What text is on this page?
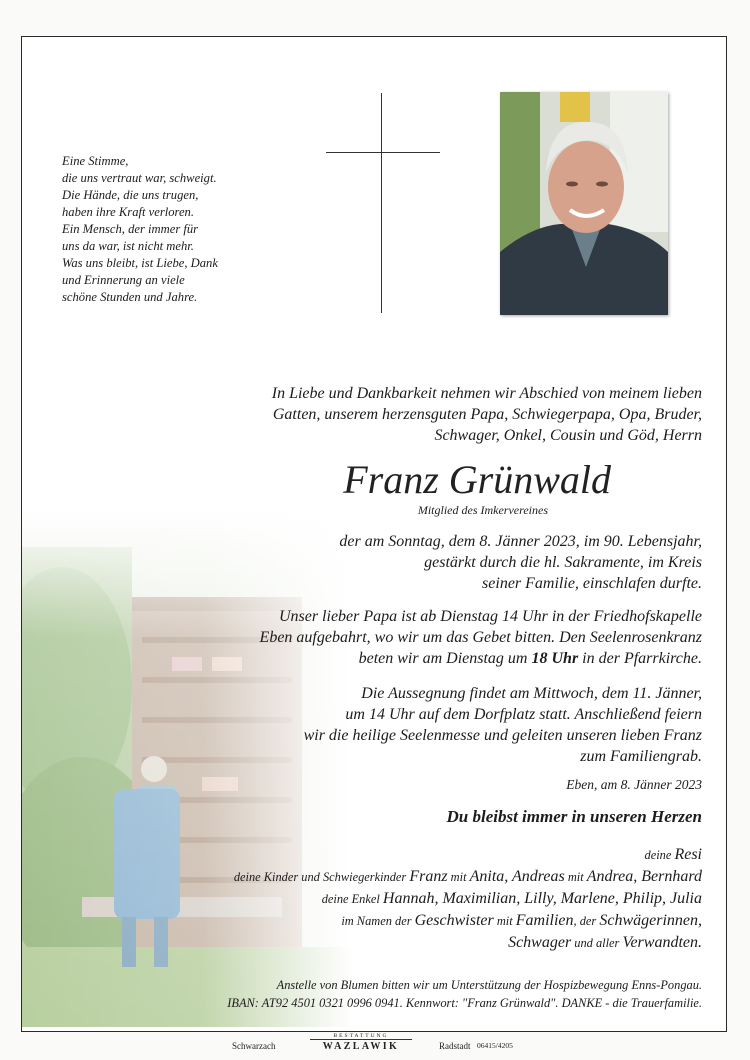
Eine Stimme,
die uns vertraut war, schweigt.
Die Hände, die uns trugen,
haben ihre Kraft verloren.
Ein Mensch, der immer für
uns da war, ist nicht mehr.
Was uns bleibt, ist Liebe, Dank
und Erinnerung an viele
schöne Stunden und Jahre.
In Liebe und Dankbarkeit nehmen wir Abschied von meinem lieben
Gatten, unserem herzensguten Papa, Schwiegerpapa, Opa, Bruder,
Schwager, Onkel, Cousin und Göd, Herrn
Franz Grünwald
Mitglied des Imkervereines
der am Sonntag, dem 8. Jänner 2023, im 90. Lebensjahr,
gestärkt durch die hl. Sakramente, im Kreis
seiner Familie, einschlafen durfte.
Unser lieber Papa ist ab Dienstag 14 Uhr in der Friedhofskapelle
Eben aufgebahrt, wo wir um das Gebet bitten. Den Seelenrosenkranz
beten wir am Dienstag um 18 Uhr in der Pfarrkirche.
Die Aussegnung findet am Mittwoch, dem 11. Jänner,
um 14 Uhr auf dem Dorfplatz statt. Anschließend feiern
wir die heilige Seelenmesse und geleiten unseren lieben Franz
zum Familiengrab.
Eben, am 8. Jänner 2023
Du bleibst immer in unseren Herzen
deine Resi
deine Kinder und Schwiegerkinder Franz mit Anita, Andreas mit Andrea, Bernhard
deine Enkel Hannah, Maximilian, Lilly, Marlene, Philip, Julia
im Namen der Geschwister mit Familien, der Schwägerinnen,
Schwager und aller Verwandten.
Anstelle von Blumen bitten wir um Unterstützung der Hospizbewegung Enns-Pongau.
IBAN: AT92 4501 0321 0996 0941. Kennwort: "Franz Grünwald". DANKE - die Trauerfamilie.
Schwarzach
BESTATTUNG
WAZLAWIK	Radstadt 06415/4205
